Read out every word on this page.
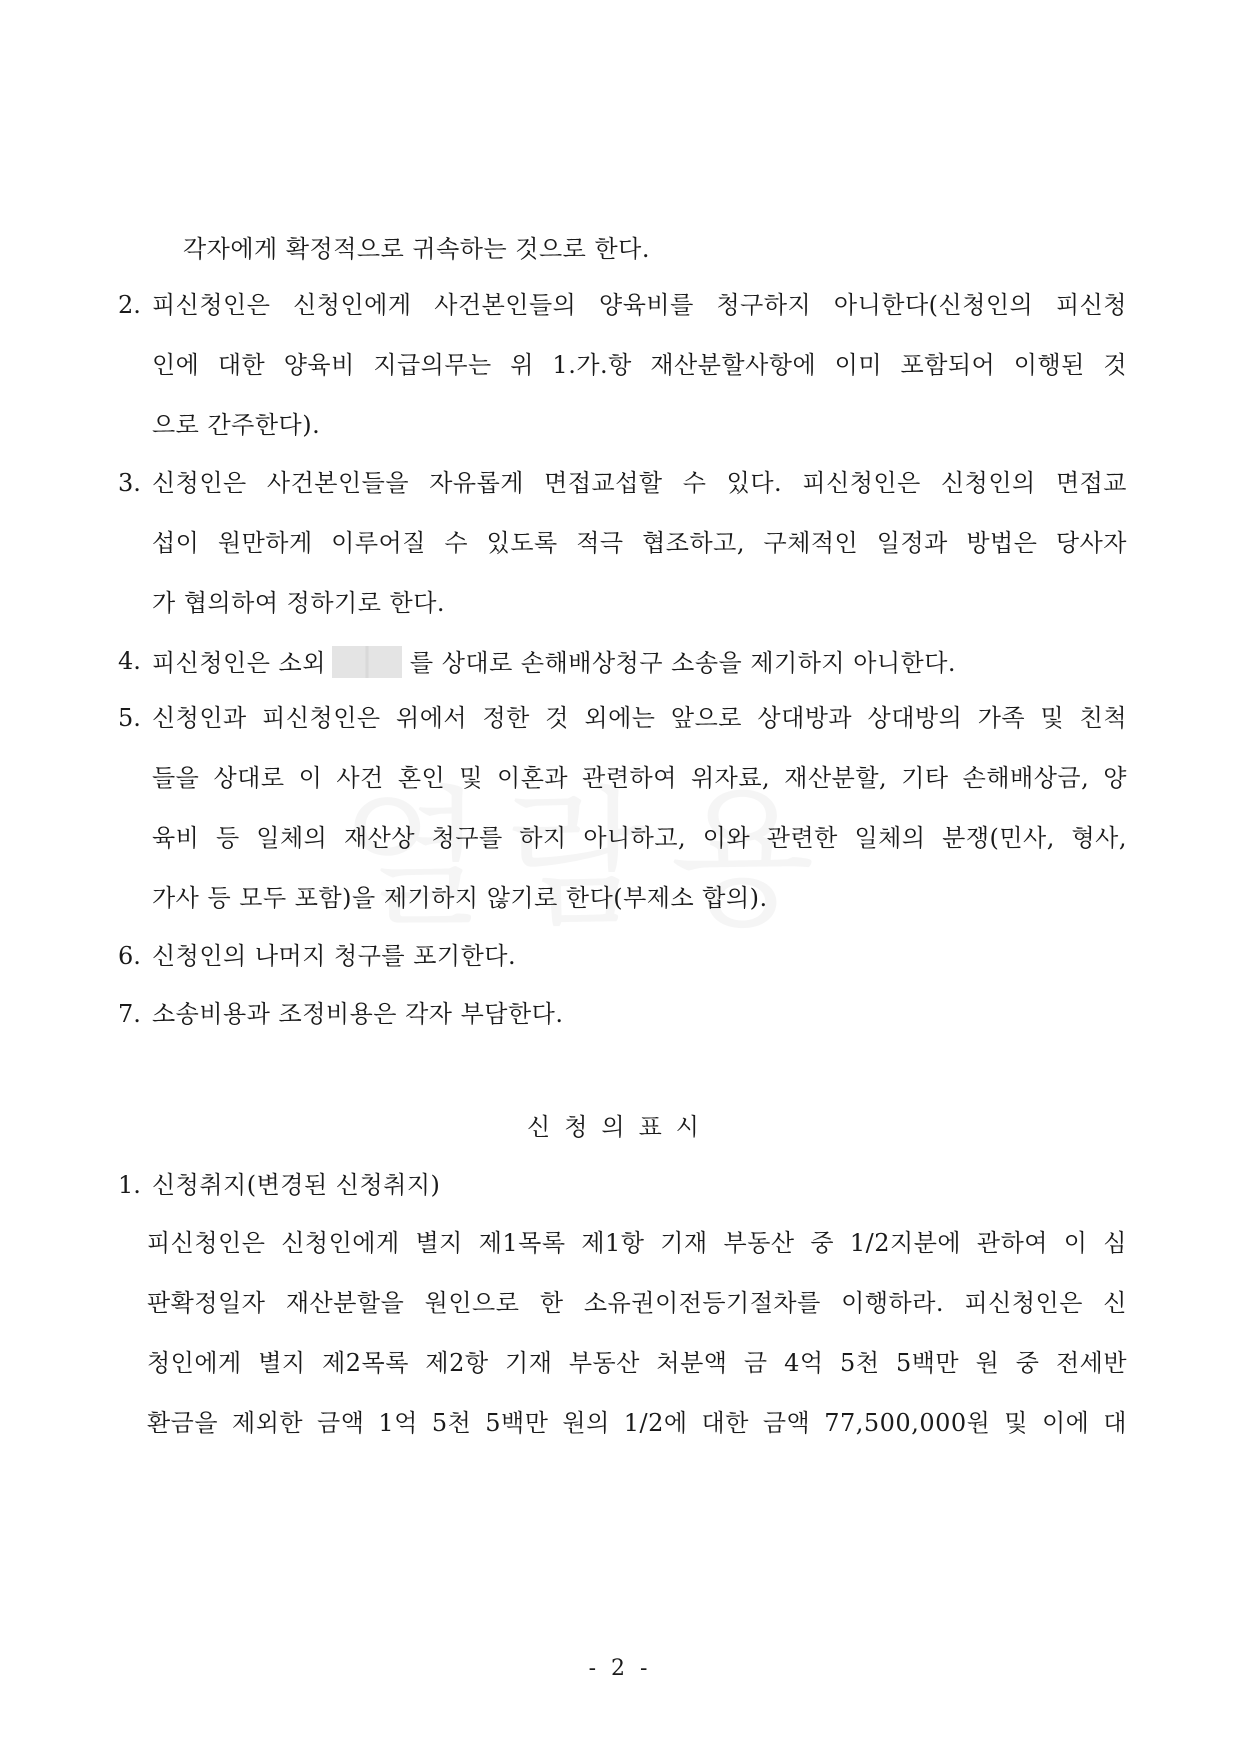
각자에게 확정적으로 귀속하는 것으로 한다.
2. 피신청인은 신청인에게 사건본인들의 양육비를 청구하지 아니한다(신청인의 피신청
인에 대한 양육비 지급의무는 위 1.가.항 재산분할사항에 이미 포함되어 이행된 것
으로 간주한다).
3. 신청인은 사건본인들을 자유롭게 면접교섭할 수 있다. 피신청인은 신청인의 면접교
섭이 원만하게 이루어질 수 있도록 적극 협조하고, 구체적인 일정과 방법은 당사자
가 협의하여 정하기로 한다.
4. 피신청인은 소외	를 상대로 손해배상청구 소송을 제기하지 아니한다.
5. 신청인과 피신청인은 위에서 정한 것 외에는 앞으로 상대방과 상대방의 가족 및 친척
들을 상대로 이 사건 혼인 및 이혼과 관련하여 위자료, 재산분할, 기타 손해배상금, 양
육비 등 일체의 재산상 청구를 하지 아니하고, 이와 관련한 일체의 분쟁(민사, 형사,
가사 등 모두 포함)을 제기하지 않기로 한다(부제소 합의).
6. 신청인의 나머지 청구를 포기한다.
7. 소송비용과 조정비용은 각자 부담한다.
신청의표시
1. 신청취지(변경된 신청취지)
피신청인은 신청인에게 별지 제1목록 제1항 기재 부동산 중 1/2지분에 관하여 이 심
판확정일자 재산분할을 원인으로 한 소유권이전등기절차를 이행하라. 피신청인은 신
청인에게 별지 제2목록 제2항 기재 부동산 처분액 금 4억 5천 5백만 원 중 전세반
환금을 제외한 금액 1억 5천 5백만 원의 1/2에 대한 금액 77,500,000원 및 이에 대
- 2 -
